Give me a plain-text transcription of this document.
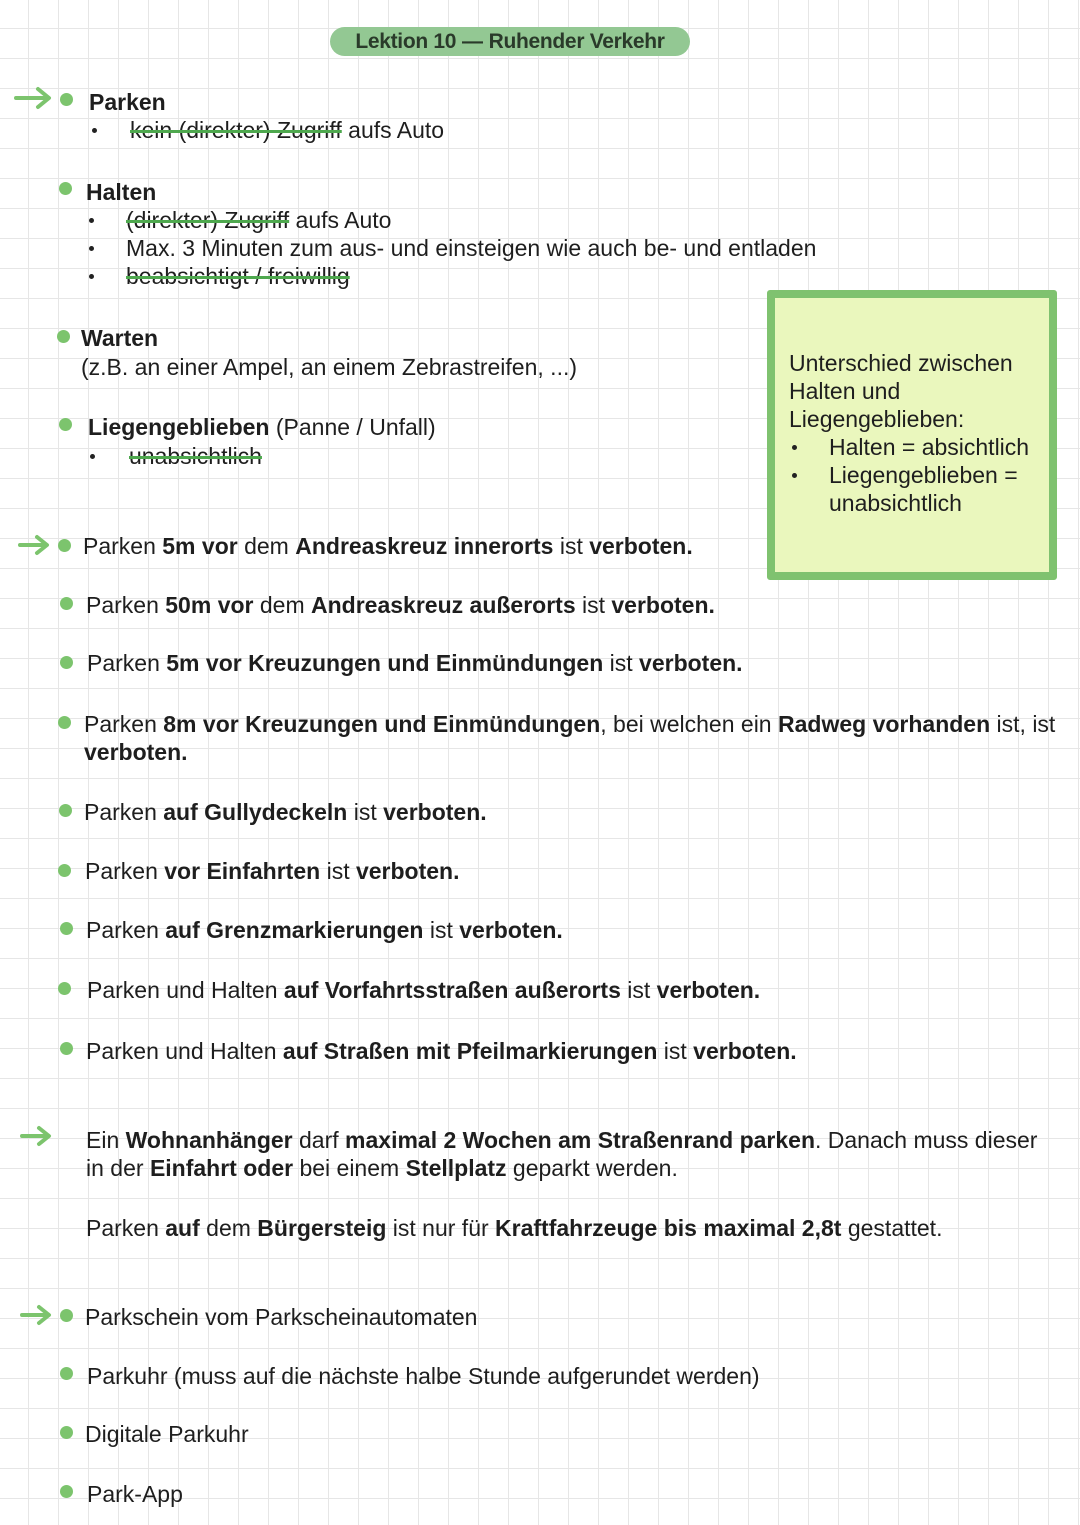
Lektion 10 — Ruhender Verkehr
Parken
kein (direkter) Zugriff aufs Auto
Halten
(direkter) Zugriff aufs Auto
Max. 3 Minuten zum aus- und einsteigen wie auch be- und entladen
beabsichtigt / freiwillig
Warten
(z.B. an einer Ampel, an einem Zebrastreifen, ...)
Liegengeblieben (Panne / Unfall)
unabsichtlich
Unterschied zwischen Halten und Liegengeblieben:
Halten = absichtlich
Liegengeblieben = unabsichtlich
Parken 5m vor dem Andreaskreuz innerorts ist verboten.
Parken 50m vor dem Andreaskreuz außerorts ist verboten.
Parken 5m vor Kreuzungen und Einmündungen ist verboten.
Parken 8m vor Kreuzungen und Einmündungen, bei welchen ein Radweg vorhanden ist, ist verboten.
Parken auf Gullydeckeln ist verboten.
Parken vor Einfahrten ist verboten.
Parken auf Grenzmarkierungen ist verboten.
Parken und Halten auf Vorfahrtsstraßen außerorts ist verboten.
Parken und Halten auf Straßen mit Pfeilmarkierungen ist verboten.
Ein Wohnanhänger darf maximal 2 Wochen am Straßenrand parken. Danach muss dieser in der Einfahrt oder bei einem Stellplatz geparkt werden.
Parken auf dem Bürgersteig ist nur für Kraftfahrzeuge bis maximal 2,8t gestattet.
Parkschein vom Parkscheinautomaten
Parkuhr (muss auf die nächste halbe Stunde aufgerundet werden)
Digitale Parkuhr
Park-App
